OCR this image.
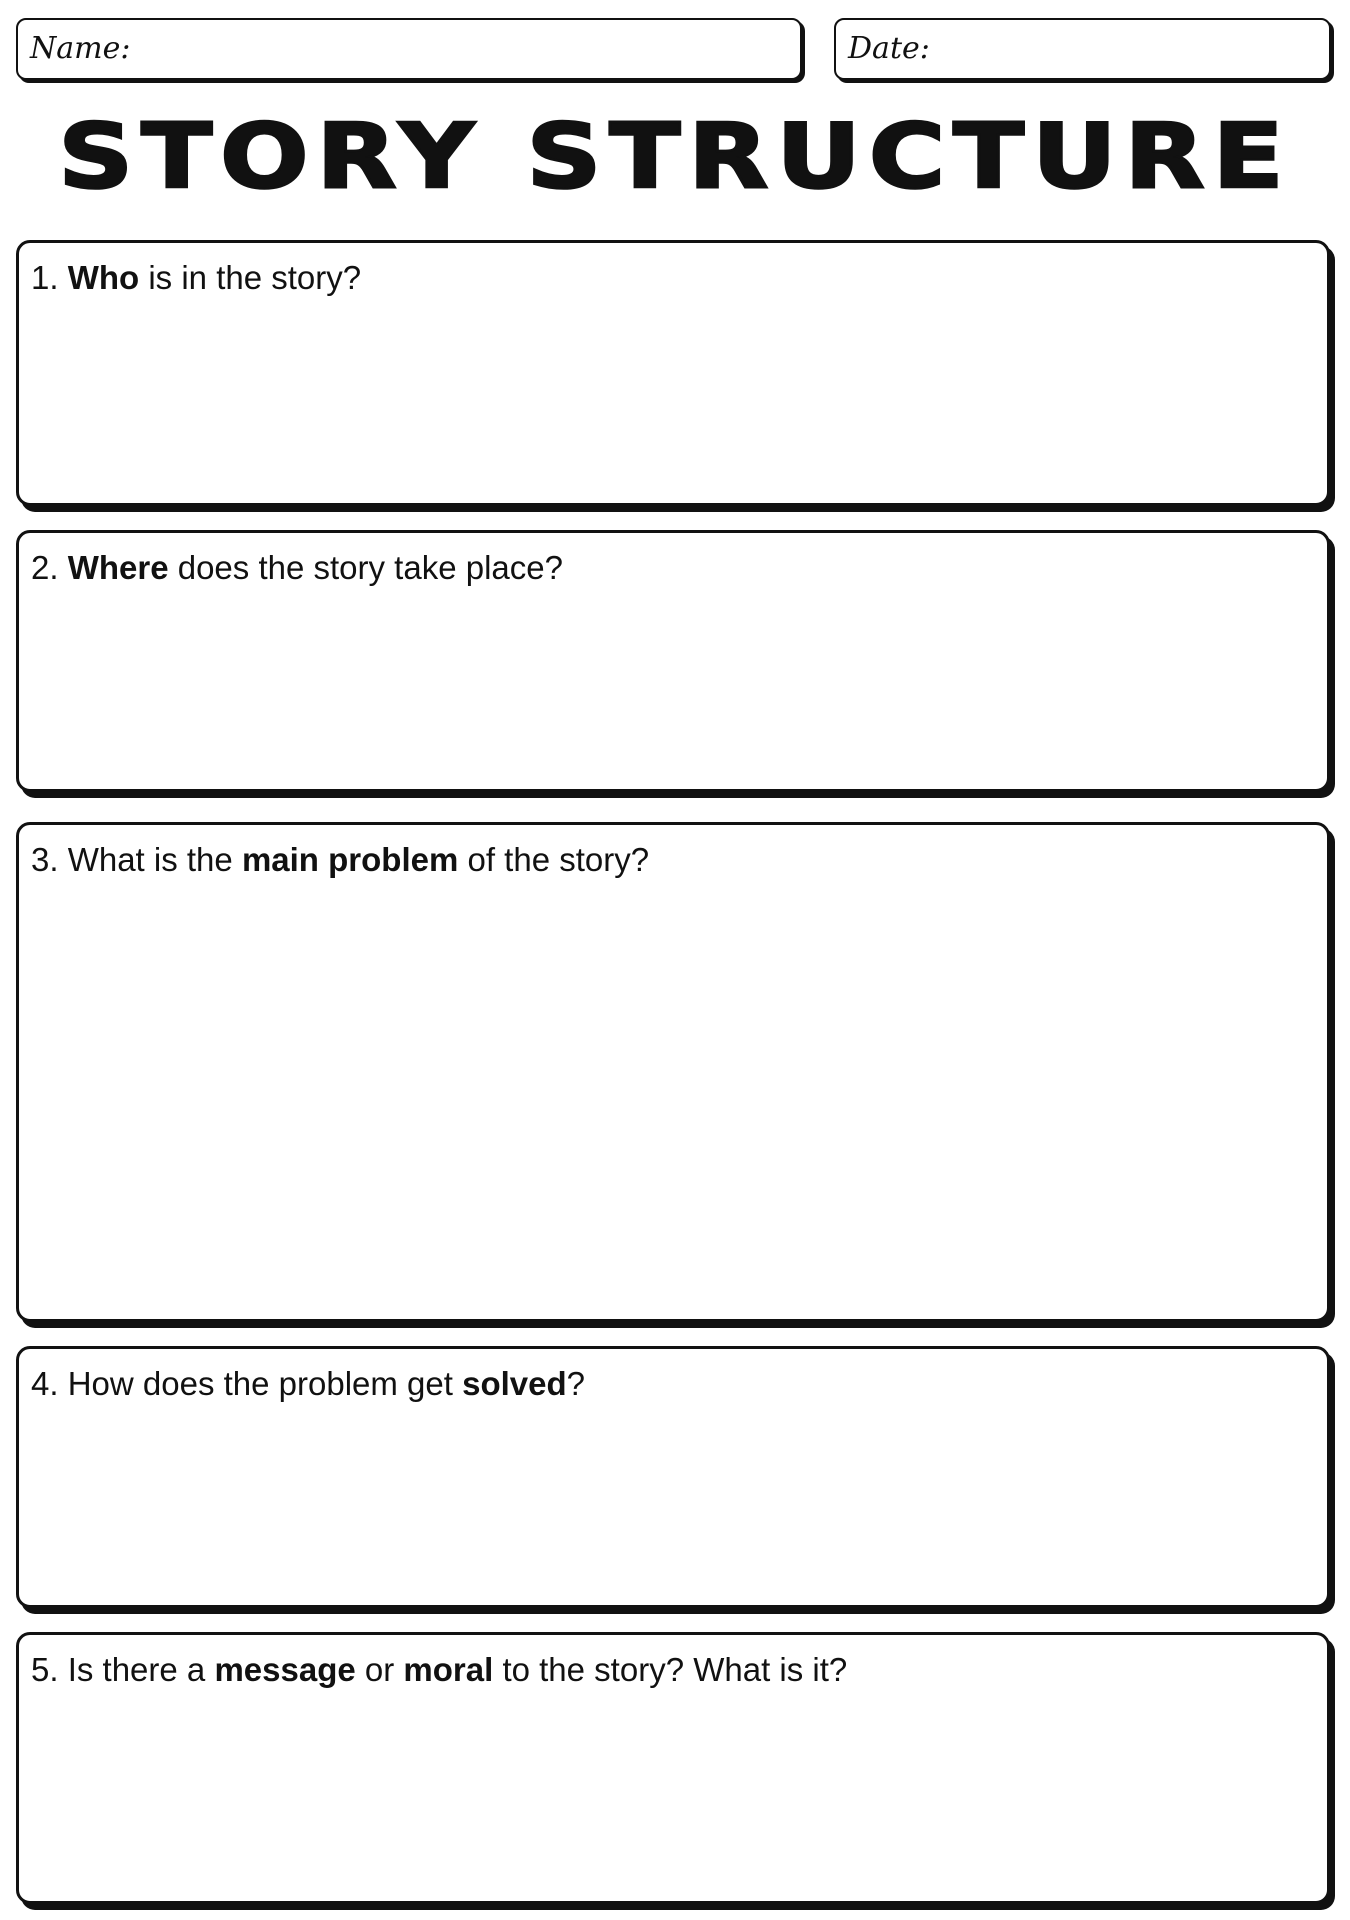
Name:	Date:
STORY STRUCTURE
1. Who is in the story?
2. Where does the story take place?
3. What is the main problem of the story?
4. How does the problem get solved?
5. Is there a message or moral to the story? What is it?
